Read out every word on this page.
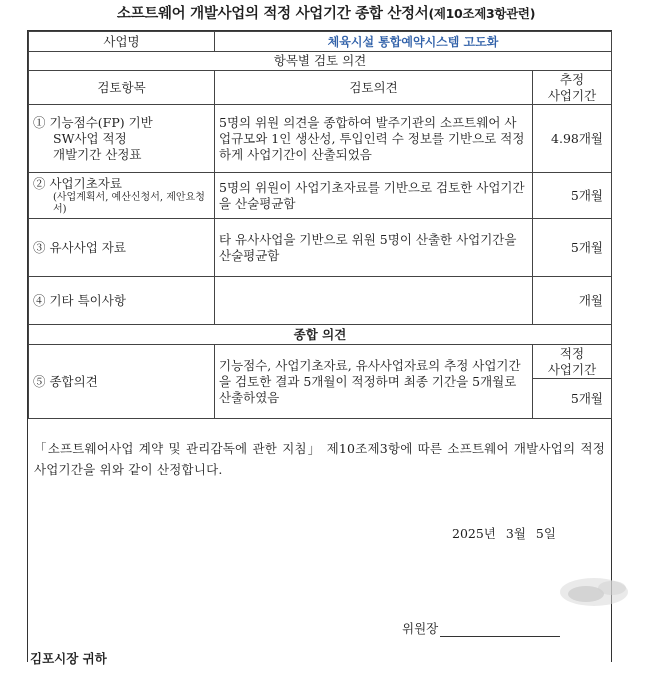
소프트웨어 개발사업의 적정 사업기간 종합 산정서(제10조제3항관련)
사업명	체육시설 통합예약시스템 고도화	
항목별 검토 의견		
검토항목	검토의견	추정
사업기간

① 기능점수(FP) 기반
SW사업 적정
개발기간 산정표	5명의 위원 의견을 종합하여 발주기관의 소프트웨어 사업규모와 1인 생산성, 투입인력 수 정보를 기반으로 적정하게 사업기간이 산출되었음	4.98개월

② 사업기초자료
(사업계획서, 예산신청서, 제안요청서)	5명의 위원이 사업기초자료를 기반으로 검토한 사업기간을 산술평균함	5개월
③ 유사사업 자료	타 유사사업을 기반으로 위원 5명이 산출한 사업기간을 산술평균함	5개월
④ 기타 특이사항		개월
종합 의견		
⑤ 종합의견	기능점수, 사업기초자료, 유사사업자료의 추정 사업기간을 검토한 결과 5개월이 적정하며 최종 기간을 5개월로 산출하였음	적정
사업기간

		5개월
「소프트웨어사업 계약 및 관리감독에 관한 지침」 제10조제3항에 따른 소프트웨어 개발사업의 적정 사업기간을 위와 같이 산정합니다.
2025년 3월 5일
위원장
김포시장 귀하
